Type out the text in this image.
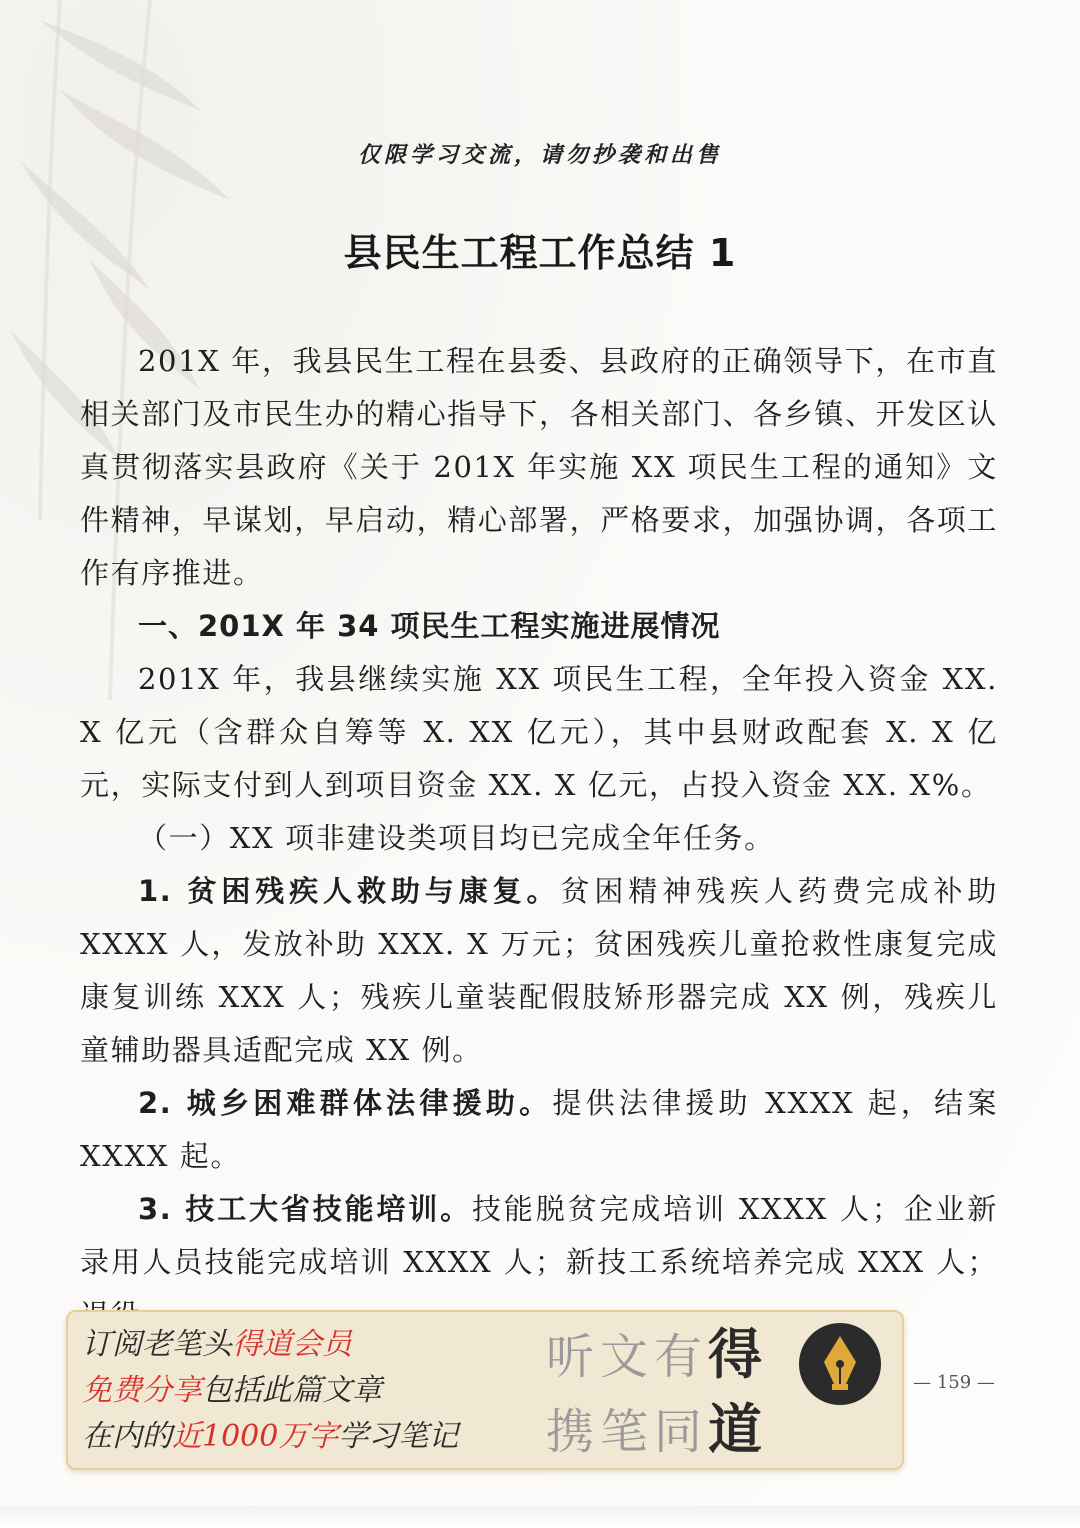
仅限学习交流，请勿抄袭和出售
县民生工程工作总结 1

201X 年，我县民生工程在县委、县政府的正确领导下，在市直相关部门及市民生办的精心指导下，各相关部门、各乡镇、开发区认真贯彻落实县政府《关于 201X 年实施 XX 项民生工程的通知》文件精神，早谋划，早启动，精心部署，严格要求，加强协调，各项工作有序推进。

一、201X 年 34 项民生工程实施进展情况

201X 年，我县继续实施 XX 项民生工程，全年投入资金 XX. X 亿元（含群众自筹等 X. XX 亿元），其中县财政配套 X. X 亿元，实际支付到人到项目资金 XX. X 亿元，占投入资金 XX. X%。

（一）XX 项非建设类项目均已完成全年任务。

1. 贫困残疾人救助与康复。贫困精神残疾人药费完成补助 XXXX 人，发放补助 XXX. X 万元；贫困残疾儿童抢救性康复完成康复训练 XXX 人；残疾儿童装配假肢矫形器完成 XX 例，残疾儿童辅助器具适配完成 XX 例。

2. 城乡困难群体法律援助。提供法律援助 XXXX 起，结案 XXXX 起。

3. 技工大省技能培训。技能脱贫完成培训 XXXX 人；企业新录用人员技能完成培训 XXXX 人；新技工系统培养完成 XXX 人；

订阅老笔头得道会员
免费分享包括此篇文章
在内的近1000万字学习笔记
听文有得
携笔同道
— 159 —
